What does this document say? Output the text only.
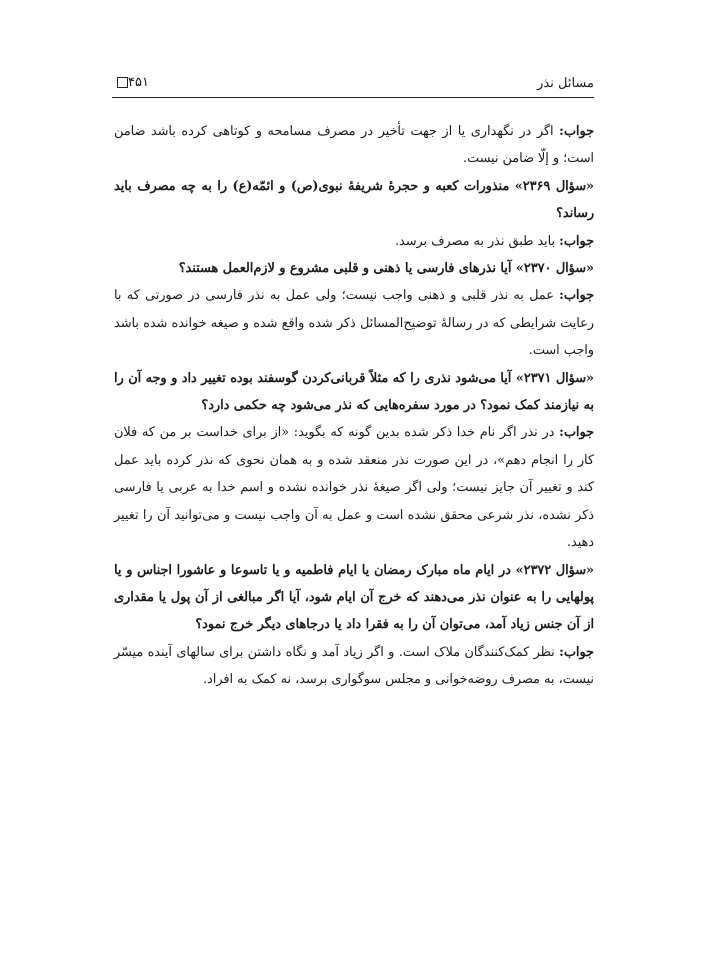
مسائل نذر
۴۵۱

جواب: اگر در نگهداری یا از جهت تأخیر در مصرف مسامحه و کوتاهی کرده باشد ضامن است؛ و إلّا ضامن نیست.

«سؤال ۲۳۶۹» منذورات کعبه و حجرهٔ شریفهٔ نبوی(ص) و ائمّه(ع) را به چه مصرف باید رساند؟

جواب: باید طبق نذر به مصرف برسد.

«سؤال ۲۳۷۰» آیا نذرهای فارسی یا ذهنی و قلبی مشروع و لازم‌العمل هستند؟

جواب: عمل به نذر قلبی و ذهنی واجب نیست؛ ولی عمل به نذر فارسی در صورتی که با رعایت شرایطی که در رسالهٔ توضیح‌المسائل ذکر شده واقع شده و صیغه خوانده شده باشد واجب است.

«سؤال ۲۳۷۱» آیا می‌شود نذری را که مثلاً قربانی‌کردن گوسفند بوده تغییر داد و وجه آن را به نیازمند کمک نمود؟ در مورد سفره‌هایی که نذر می‌شود چه حکمی دارد؟

جواب: در نذر اگر نام خدا ذکر شده بدین گونه که بگوید: «از برای خداست بر من که فلان کار را انجام دهم»، در این صورت نذر منعقد شده و به همان نحوی که نذر کرده باید عمل کند و تغییر آن جایز نیست؛ ولی اگر صیغهٔ نذر خوانده نشده و اسم خدا به عربی یا فارسی ذکر نشده، نذر شرعی محقق نشده است و عمل به آن واجب نیست و می‌توانید آن را تغییر دهید.

«سؤال ۲۳۷۲» در ایام ماه مبارک رمضان یا ایام فاطمیه و یا تاسوعا و عاشورا اجناس و یا پولهایی را به عنوان نذر می‌دهند که خرج آن ایام شود، آیا اگر مبالغی از آن پول یا مقداری از آن جنس زیاد آمد، می‌توان آن را به فقرا داد یا درجاهای دیگر خرج نمود؟

جواب: نظر کمک‌کنندگان ملاک است. و اگر زیاد آمد و نگاه داشتن برای سالهای آینده میسّر نیست، به مصرف روضه‌خوانی و مجلس سوگواری برسد، نه کمک به افراد.
